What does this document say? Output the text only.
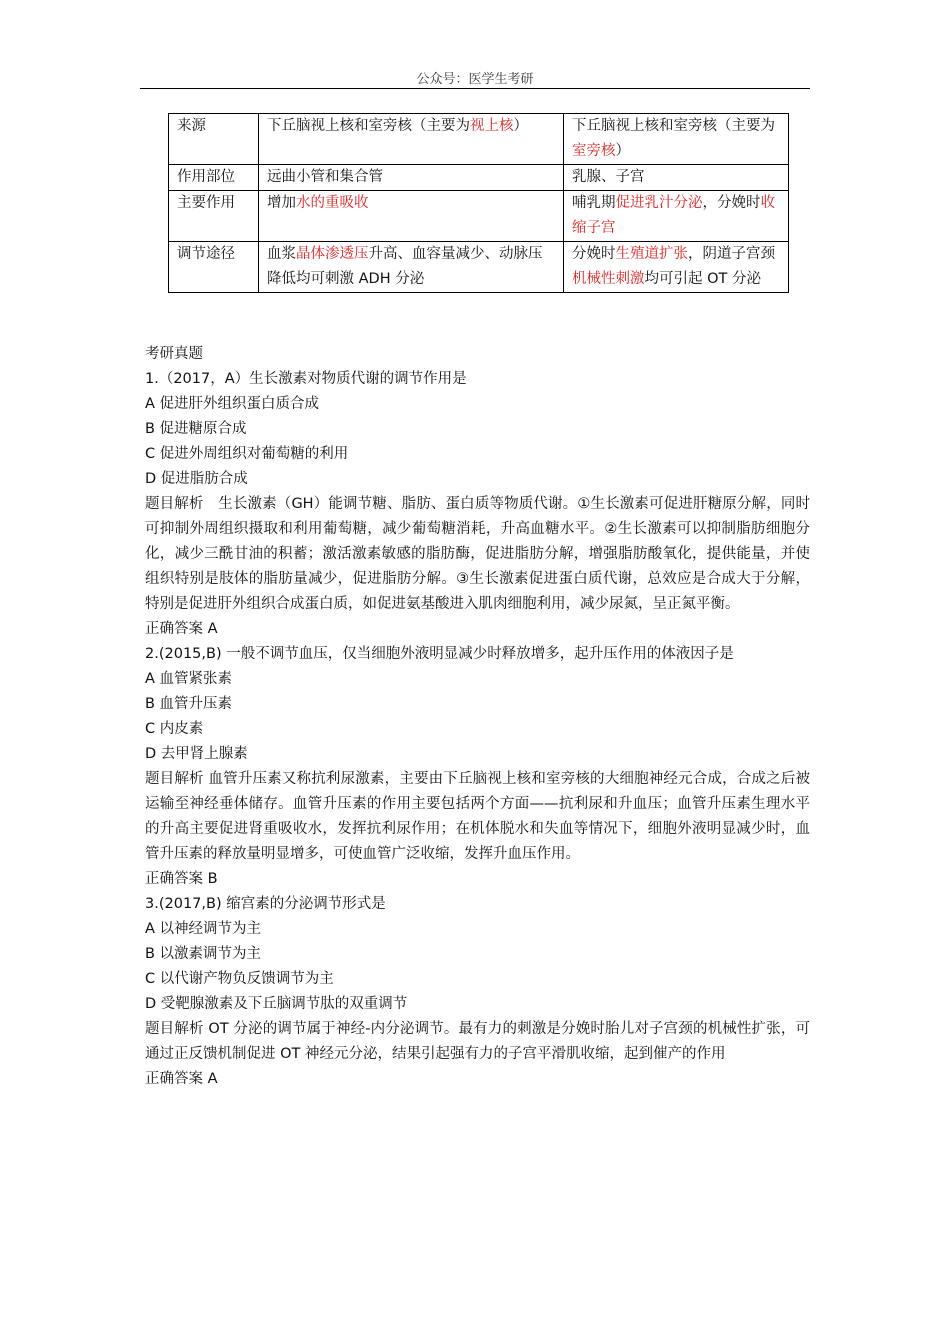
公众号：医学生考研
来源	下丘脑视上核和室旁核（主要为视上核）	下丘脑视上核和室旁核（主要为室旁核）
作用部位	远曲小管和集合管	乳腺、子宫
主要作用	增加水的重吸收	哺乳期促进乳汁分泌，分娩时收缩子宫
调节途径	血浆晶体渗透压升高、血容量减少、动脉压降低均可刺激 ADH 分泌	分娩时生殖道扩张，阴道子宫颈机械性刺激均可引起 OT 分泌

考研真题

1.（2017，A）生长激素对物质代谢的调节作用是

A 促进肝外组织蛋白质合成

B 促进糖原合成

C 促进外周组织对葡萄糖的利用

D 促进脂肪合成

题目解析　生长激素（GH）能调节糖、脂肪、蛋白质等物质代谢。①生长激素可促进肝糖原分解，同时可抑制外周组织摄取和利用葡萄糖，减少葡萄糖消耗，升高血糖水平。②生长激素可以抑制脂肪细胞分化，减少三酰甘油的积蓄；激活激素敏感的脂肪酶，促进脂肪分解，增强脂肪酸氧化，提供能量，并使组织特别是肢体的脂肪量减少，促进脂肪分解。③生长激素促进蛋白质代谢，总效应是合成大于分解，特别是促进肝外组织合成蛋白质，如促进氨基酸进入肌肉细胞利用，减少尿氮，呈正氮平衡。

正确答案 A

2.(2015,B) 一般不调节血压，仅当细胞外液明显减少时释放增多，起升压作用的体液因子是

A 血管紧张素

B 血管升压素

C 内皮素

D 去甲肾上腺素

题目解析 血管升压素又称抗利尿激素，主要由下丘脑视上核和室旁核的大细胞神经元合成，合成之后被运输至神经垂体储存。血管升压素的作用主要包括两个方面——抗利尿和升血压；血管升压素生理水平的升高主要促进肾重吸收水，发挥抗利尿作用；在机体脱水和失血等情况下，细胞外液明显减少时，血管升压素的释放量明显增多，可使血管广泛收缩，发挥升血压作用。

正确答案 B

3.(2017,B) 缩宫素的分泌调节形式是

A 以神经调节为主

B 以激素调节为主

C 以代谢产物负反馈调节为主

D 受靶腺激素及下丘脑调节肽的双重调节

题目解析 OT 分泌的调节属于神经-内分泌调节。最有力的刺激是分娩时胎儿对子宫颈的机械性扩张，可通过正反馈机制促进 OT 神经元分泌，结果引起强有力的子宫平滑肌收缩，起到催产的作用

正确答案 A
